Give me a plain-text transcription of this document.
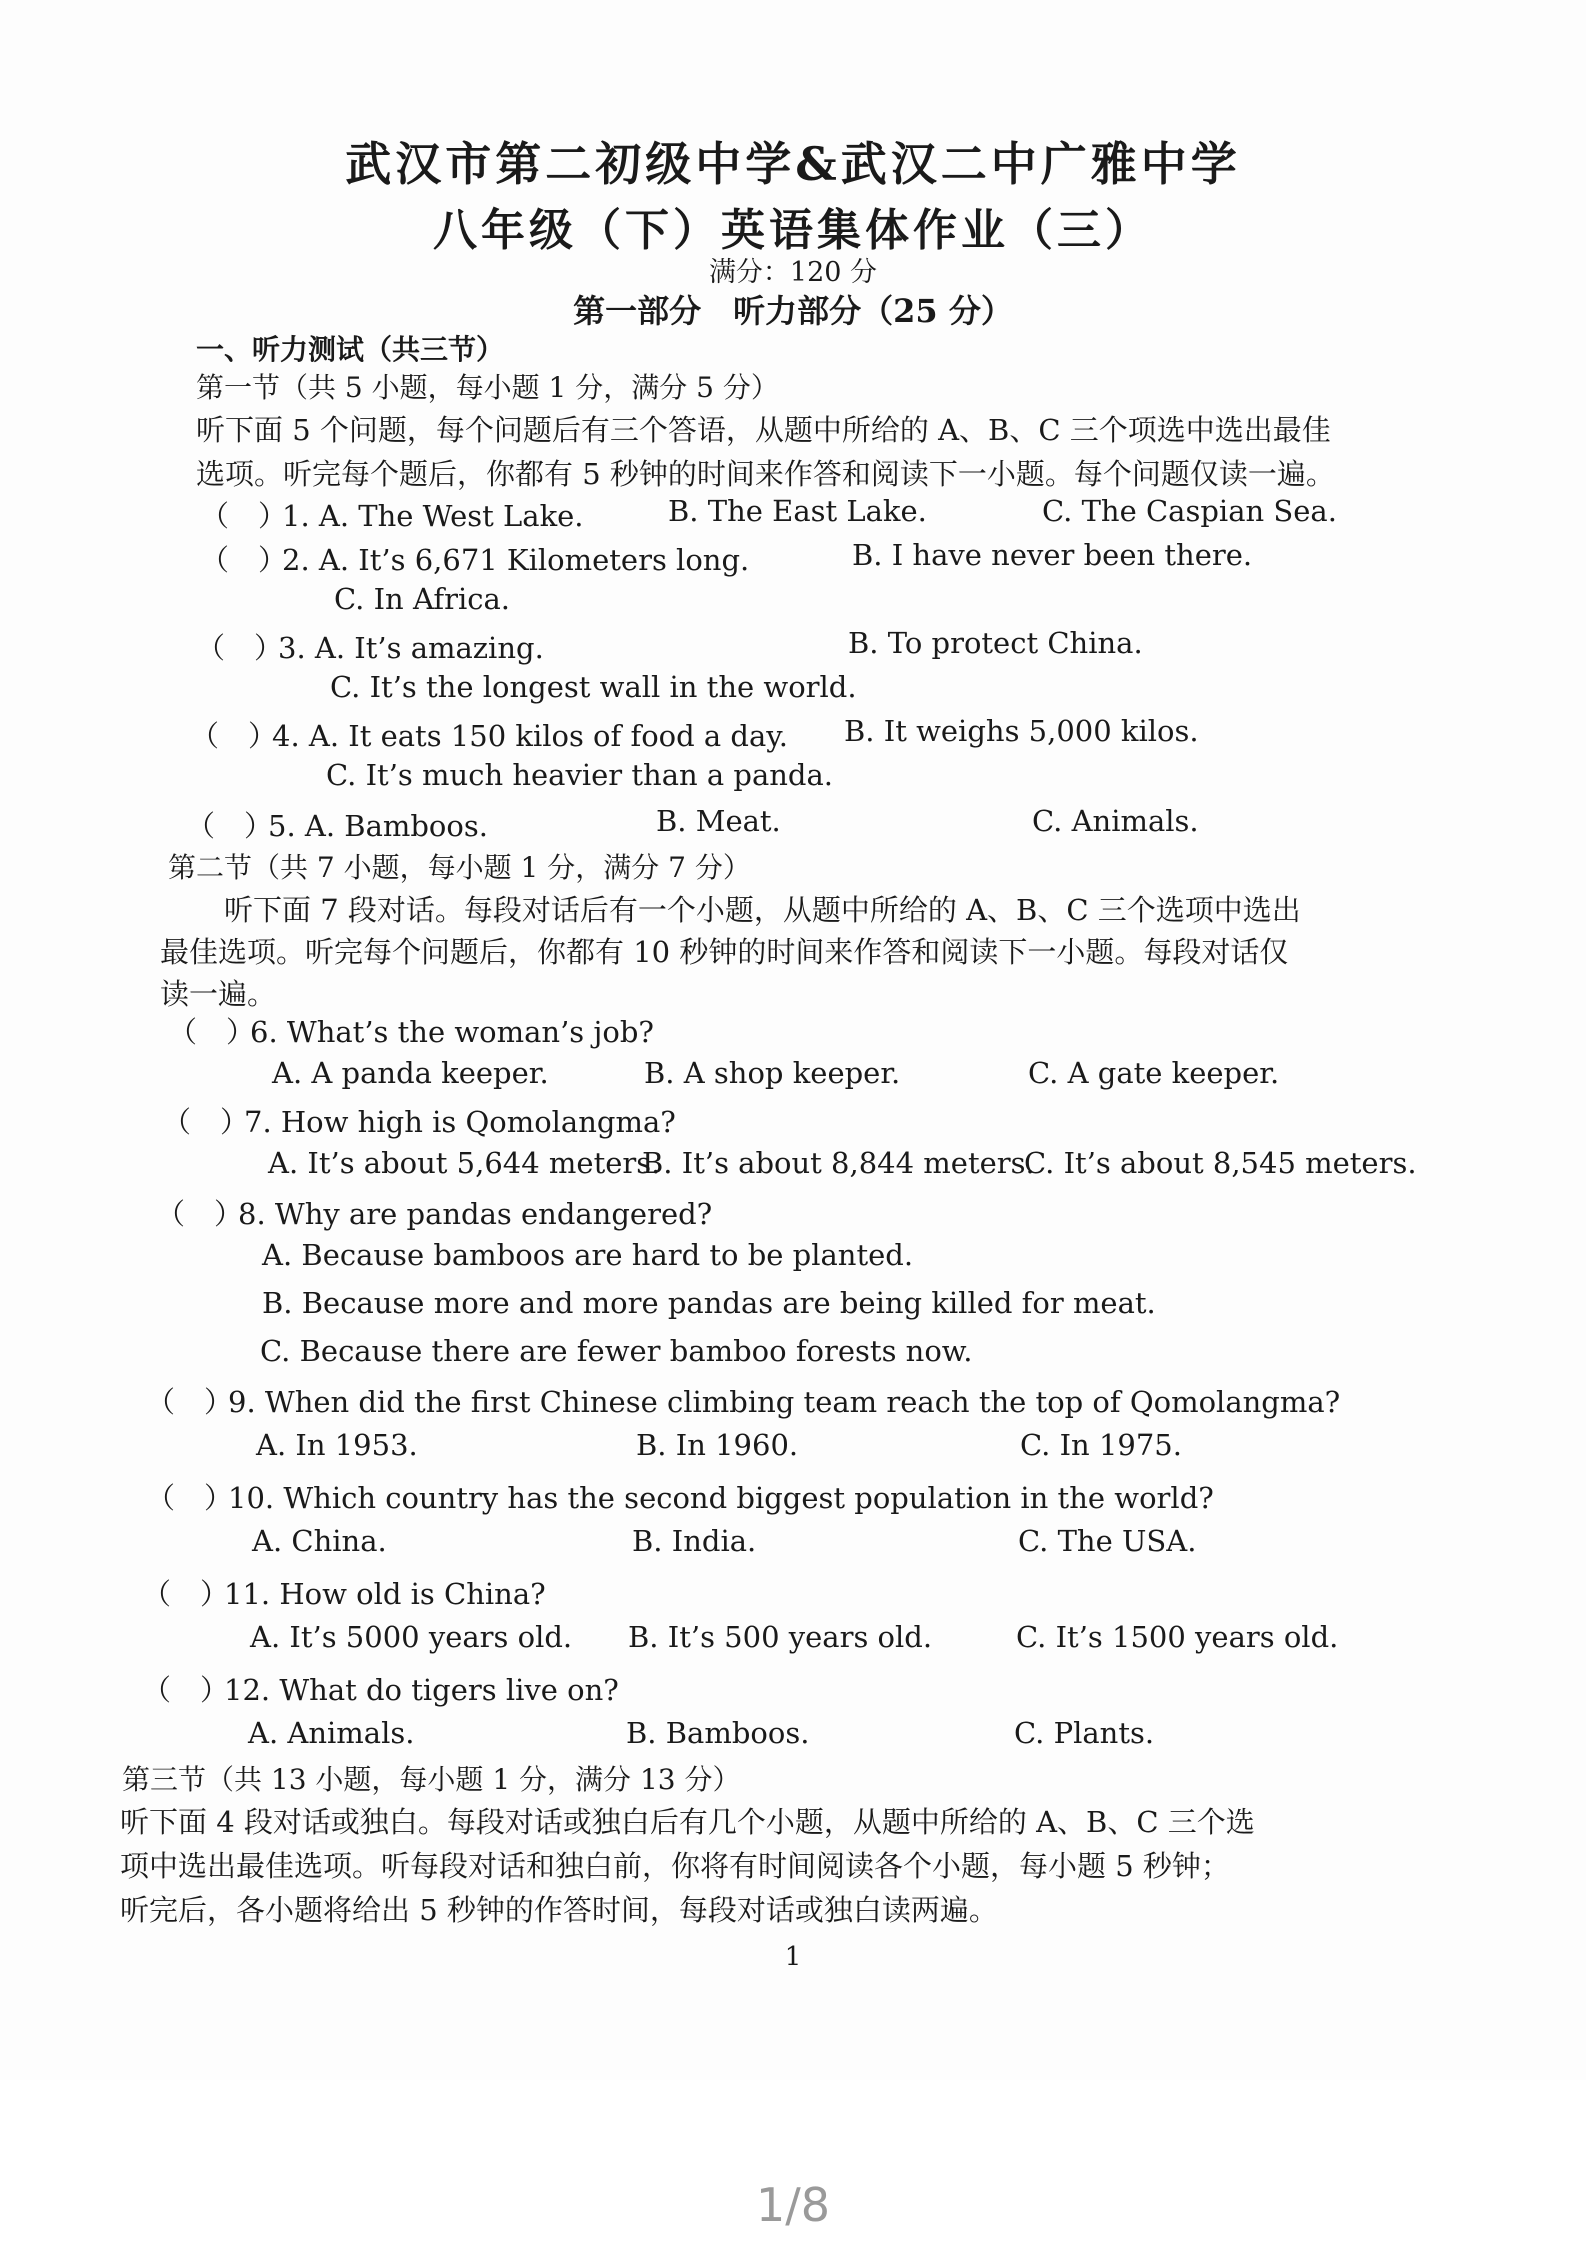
武汉市第二初级中学&武汉二中广雅中学
八年级（下）英语集体作业（三）
满分：120 分
第一部分　听力部分（25 分）
一、听力测试（共三节）
第一节（共 5 小题，每小题 1 分，满分 5 分）
听下面 5 个问题，每个问题后有三个答语，从题中所给的 A、B、C 三个项选中选出最佳
选项。听完每个题后，你都有 5 秒钟的时间来作答和阅读下一小题。每个问题仅读一遍。
（　）1. A. The West Lake.	B. The East Lake.	C. The Caspian Sea.
（　）2. A. It’s 6,671 Kilometers long.	B. I have never been there.
C. In Africa.
（　）3. A. It’s amazing.	B. To protect China.
C. It’s the longest wall in the world.
（　）4. A. It eats 150 kilos of food a day. B. It weighs 5,000 kilos.
C. It’s much heavier than a panda.
（　）5. A. Bamboos.	B. Meat.	C. Animals.
第二节（共 7 小题，每小题 1 分，满分 7 分）
听下面 7 段对话。每段对话后有一个小题，从题中所给的 A、B、C 三个选项中选出
最佳选项。听完每个问题后，你都有 10 秒钟的时间来作答和阅读下一小题。每段对话仅
读一遍。
（　）6. What’s the woman’s job?
A. A panda keeper.	B. A shop keeper.	C. A gate keeper.
（　）7. How high is Qomolangma?
A. It’s about 5,644 meters.
B. It’s about 8,844 meters.
C. It’s about 8,545 meters.
（　）8. Why are pandas endangered?
A. Because bamboos are hard to be planted.
B. Because more and more pandas are being killed for meat.
C. Because there are fewer bamboo forests now.
（　）9. When did the first Chinese climbing team reach the top of Qomolangma?
A. In 1953.	B. In 1960.	C. In 1975.
（　）10. Which country has the second biggest population in the world?
A. China.	B. India.	C. The USA.
（　）11. How old is China?
A. It’s 5000 years old. B. It’s 500 years old.	C. It’s 1500 years old.
（　）12. What do tigers live on?
A. Animals.	B. Bamboos.	C. Plants.
第三节（共 13 小题，每小题 1 分，满分 13 分）
听下面 4 段对话或独白。每段对话或独白后有几个小题，从题中所给的 A、B、C 三个选
项中选出最佳选项。听每段对话和独白前，你将有时间阅读各个小题，每小题 5 秒钟；
听完后，各小题将给出 5 秒钟的作答时间，每段对话或独白读两遍。
1
1/8
